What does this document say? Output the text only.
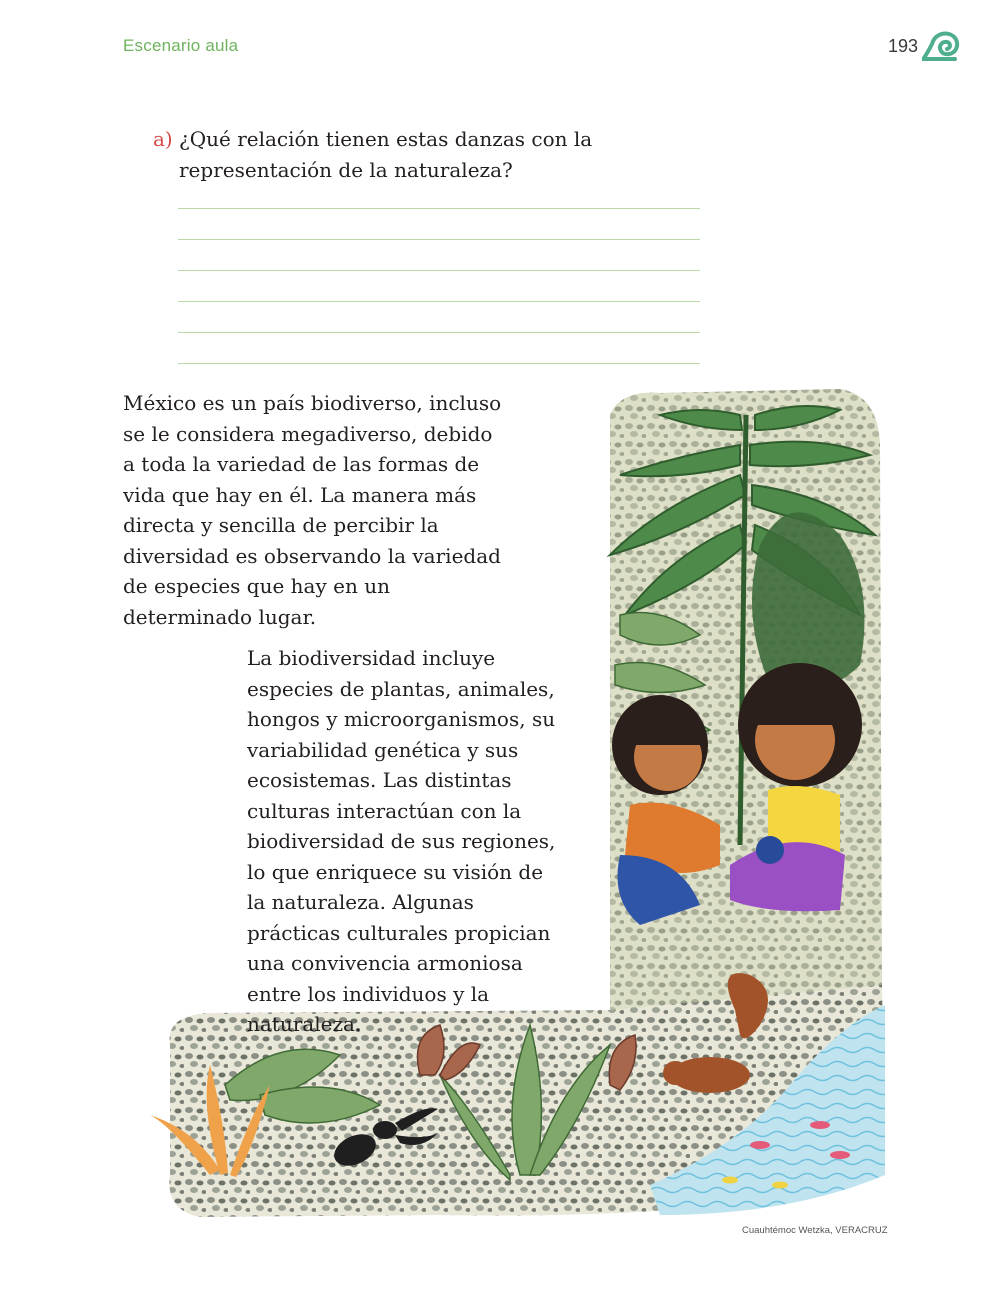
Escenario aula	193
a) ¿Qué relación tienen estas danzas con la representación de la naturaleza?
México es un país biodiverso, incluso se le considera megadiverso, debido a toda la variedad de las formas de vida que hay en él. La manera más directa y sencilla de percibir la diversidad es observando la variedad de especies que hay en un determinado lugar.
La biodiversidad incluye especies de plantas, animales, hongos y microorganismos, su variabilidad genética y sus ecosistemas. Las distintas culturas interactúan con la biodiversidad de sus regiones, lo que enriquece su visión de la naturaleza. Algunas prácticas culturales propician una convivencia armoniosa entre los individuos y la naturaleza.
Cuauhtémoc Wetzka, VERACRUZ
